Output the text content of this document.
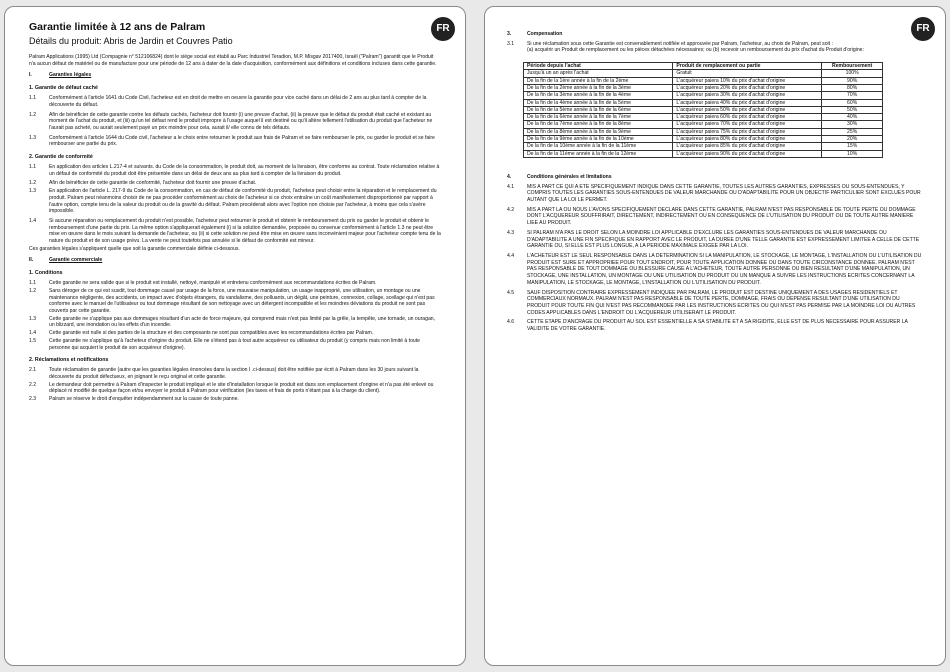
FR
Garantie limitée à 12 ans de Palram
Détails du produit: Abris de Jardin et Couvres Patio
Palram Applications (1995) Ltd (Compagnie n° 512106824) dont le siège social est établi au Parc Industriel Teradion, M.P. Misgav 2017400, Israël ("Palram") garantit que le Produit n'a aucun défaut de matériel ou de manufacture pour une période de 12 ans à dater de la date d'acquisition, conformément aux définitions et conditions incluses dans cette garantie.
I.	Garanties légales
1. Garantie de défaut caché
1.1	Conformément à l'article 1641 du Code Civil, l'acheteur est en droit de mettre en oeuvre la garantie pour vice caché dans un délai de 2 ans au plus tard à compter de la découverte du défaut.
1.2	Afin de bénéficier de cette garantie contre les défauts cachés, l'acheteur doit fournir (i) une preuve d'achat, (ii) la preuve que le défaut du produit était caché et existant au moment de l'achat du produit, et (iii) qu'un tel défaut rend le produit impropre à l'usage auquel il est destiné ou qu'il altère tellement l'utilisation du produit que l'acheteur ne l'aurait pas acheté, ou aurait seulement payé un prix moindre pour cela, aurait il/ elle connu de tels défauts.
1.3	Conformément à l'article 1644 du Code civil, l'acheteur a le choix entre retourner le produit aux frais de Palram et se faire rembourser le prix, ou garder le produit et se faire rembourser une partie du prix.
2. Garantie de conformité
1.1	En application des articles L.217-4 et suivants. du Code de la consommation, le produit doit, au moment de la livraison, être conforme au contrat. Toute réclamation relative à un défaut de conformité du produit doit être présentée dans un délai de deux ans au plus tard à compter de la livraison du produit.
1.2	Afin de bénéficier de cette garantie de conformité, l'acheteur doit fournir une preuve d'achat.
1.3	En application de l'article L. 217-9 du Code de la consommation, en cas de défaut de conformité du produit, l'acheteur peut choisir entre la réparation et le remplacement du produit. Palram peut néanmoins choisir de ne pas procéder conformément au choix de l'acheteur si ce choix entraîne un coût manifestement disproportionné par rapport à l'autre option, compte tenu de la valeur du produit ou de la gravité du défaut. Palram procéderait alors avec l'option non choisie par l'acheteur, à moins que cela s'avère impossible.
1.4	Si aucune réparation ou remplacement du produit n'est possible, l'acheteur peut retourner le produit et obtenir le remboursement du prix ou garder le produit et obtenir le remboursement d'une partie du prix. La même option s'appliquerait également (i) si la solution demandée, proposée ou convenue conformément à l'article 1.3 ne peut être mise en œuvre dans le mois suivant la demande de l'acheteur, ou (ii) si cette solution ne peut être mise en œuvre sans inconvénient majeur pour l'acheteur compte tenu de la nature du produit et de son usage prévu. La vente ne peut toutefois pas annulée si le défaut de conformité est mineur.
Ces garanties légales s'appliquent quelle que soit la garantie commerciale définie ci-dessous.
II.	Garantie commerciale
1. Conditions
1.1	Cette garantie ne sera valide que si le produit est installé, nettoyé, manipulé et entretenu conformément aux recommandations écrites de Palram.
1.2	Sans déroger de ce qui est susdit, tout dommage causé par usage de la force, une mauvaise manipulation, un usage inapproprié, une utilisation, un montage ou une maintenance négligente, des accidents, un impact avec d'objets étrangers, du vandalisme, des polluants, un dégât, une peinture, connexion, collage, scellage qui n'est pas conforme avec le manuel de l'utilisateur ou tout dommage résultant de son nettoyage avec un détergent incompatible et les moindres déviations du produit ne sont pas couverts par cette garantie.
1.3	Cette garantie ne s'applique pas aux dommages résultant d'un acte de force majeure, qui comprend mais n'est pas limité par la grêle, la tempête, une tornade, un ouragan, un blizzard, une inondation ou les effets d'un incendie.
1.4	Cette garantie est nulle si des parties de la structure et des composants ne sont pas compatibles avec les recommandations écrites par Palram.
1.5	Cette garantie ne s'applique qu'à l'acheteur d'origine du produit. Elle ne s'étend pas à tout autre acquéreur ou utilisateur du produit (y compris mais non limité à toute personne qui acquiert le produit de son acquéreur d'origine).
2. Réclamations et notifications
2.1	Toute réclamation de garantie (autre que les garanties légales énoncées dans la section I .ci-dessus) doit être notifiée par écrit à Palram dans les 30 jours suivant la découverte du produit défectueux, en joignant le reçu original et cette garantie.
2.2	Le demandeur doit permettre à Palram d'inspecter le produit impliqué et le site d'installation lorsque le produit est dans son emplacement d'origine et n'a pas été enlevé ou déplacé ni modifié de quelque façon et/ou envoyer le produit à Palram pour vérification (les taxes et frais de ports n'étant pas à la charge du client).
2.3	Palram se réserve le droit d'enquêter indépendamment sur la cause de toute panne.
FR
3.	Compensation
3.1	Si une réclamation sous cette Garantie est convenablement notifiée et approuvée par Palram, l'acheteur, au choix de Palram, peut soit :
(a) acquérir un Produit de remplacement ou les pièces détachées nécessaires; ou (b) recevoir un remboursement du prix d'achat du Produit d'origine:
Période depuis l'achat	Produit de remplacement ou partie	Remboursement
Jusqu'à un an après l'achat	Gratuit	100%
De la fin de la 1ère année à la fin de la 2ème	L'acquéreur paiera 10% du prix d'achat d'origine	90%
De la fin de la 2ème année à la fin de la 3ème	L'acquéreur paiera 20% du prix d'achat d'origine	80%
De la fin de la 3ème année à la fin de la 4ème	L'acquéreur paiera 30% du prix d'achat d'origine	70%
De la fin de la 4ème année à la fin de la 5ème	L'acquéreur paiera 40% du prix d'achat d'origine	60%
De la fin de la 5ème année à la fin de la 6ème	L'acquéreur paiera 50% du prix d'achat d'origine	50%
De la fin de la 6ème année à la fin de la 7ème	L'acquéreur paiera 60% du prix d'achat d'origine	40%
De la fin de la 7ème année à la fin de la 8ème	L'acquéreur paiera 70% du prix d'achat d'origine	30%
De la fin de la 8ème année à la fin de la 9ème	L'acquéreur paiera 75% du prix d'achat d'origine	25%
De la fin de la 9ème année à la fin de la 10ème	L'acquéreur paiera 80% du prix d'achat d'origine	20%
De la fin de la 10ème année à la fin de la 11ème	L'acquéreur paiera 85% du prix d'achat d'origine	15%
De la fin de la 11ème année à la fin de la 12ème	L'acquéreur paiera 90% du prix d'achat d'origine	10%
4.	Conditions générales et limitations
4.1	MIS A PART CE QUI A ETE SPECIFIQUEMENT INDIQUE DANS CETTE GARANTIE, TOUTES LES AUTRES GARANTIES, EXPRESSES OU SOUS-ENTENDUES, Y COMPRIS TOUTES LES GARANTIES SOUS-ENTENDUES DE VALEUR MARCHANDE OU D'ADAPTABILITE POUR UN OBJECTIF PARTICULIER SONT EXCLUES POUR AUTANT QUE LA LOI LE PERMET.
4.2	MIS A PART LA OU NOUS L'AVONS SPECIFIQUEMENT DECLARE DANS CETTE GARANTIE, PALRAM N'EST PAS RESPONSABLE DE TOUTE PERTE OU DOMMAGE DONT L'ACQUEREUR SOUFFRIRAIT, DIRECTEMENT, INDIRECTEMENT OU EN CONSEQUENCE DE L'UTILISATION DU PRODUIT OU DE TOUTE AUTRE MANIERE LIEE AU PRODUIT.
4.3	SI PALRAM N'A PAS LE DROIT SELON LA MOINDRE LOI APPLICABLE D'EXCLURE LES GARANTIES SOUS-ENTENDUES DE VALEUR MARCHANDE OU D'ADAPTABILITE A UNE FIN SPECIFIQUE EN RAPPORT AVEC LE PRODUIT, LA DUREE D'UNE TELLE GARANTIE EST EXPRESSEMENT LIMITEE A CELLE DE CETTE GARANTIE OU, SI ELLE EST PLUS LONGUE, A LA PERIODE MAXIMALE EXIGEE PAR LA LOI.
4.4	L'ACHETEUR EST LE SEUL RESPONSABLE DANS LA DETERMINATION SI LA MANIPULATION, LE STOCKAGE, LE MONTAGE, L'INSTALLATION OU L'UTILISATION DU PRODUIT EST SURE ET APPROPRIEE POUR TOUT ENDROIT, POUR TOUTE APPLICATION DONNEE OU DANS TOUTE CIRCONSTANCE DONNEE. PALRAM N'EST PAS RESPONSABLE DE TOUT DOMMAGE OU BLESSURE CAUSE A L'ACHETEUR, TOUTE AUTRE PERSONNE OU BIEN RESULTANT D'UNE MANIPULATION, UN STOCKAGE, UNE INSTALLATION, UN MONTAGE OU UNE UTILISATION DU PRODUIT OU UN MANQUE A SUIVRE LES INSTRUCTIONS ECRITES CONCERNANT LA MANIPULATION, LE STOCKAGE, LE MONTAGE, L'INSTALLATION OU L'UTILISATION DU PRODUIT.
4.5	SAUF DISPOSITION CONTRAIRE EXPRESSEMENT INDIQUEE PAR PALRAM, LE PRODUIT EST DESTINE UNIQUEMENT A DES USAGES RESIDENTIELS ET COMMERCIAUX NORMAUX. PALRAM N'EST PAS RESPONSABLE DE TOUTE PERTE, DOMMAGE, FRAIS OU DEPENSE RESULTANT D'UNE UTILISATION DU PRODUIT POUR TOUTE FIN QUI N'EST PAS RECOMMANDEE PAR LES INSTRUCTIONS ECRITES OU QUI N'EST PAS PERMISE PAR LA MOINDRE LOI OU AUTRES CODES APPLICABLES DANS L'ENDROIT OU L'ACQUEREUR UTILISERAIT LE PRODUIT.
4.6	CETTE ETAPE D'ANCRAGE DU PRODUIT AU SOL EST ESSENTIELLE A SA STABILITE ET A SA RIGIDITE, ELLE EST DE PLUS NECESSAIRE POUR ASSURER LA VALIDITE DE VOTRE GARANTIE.
